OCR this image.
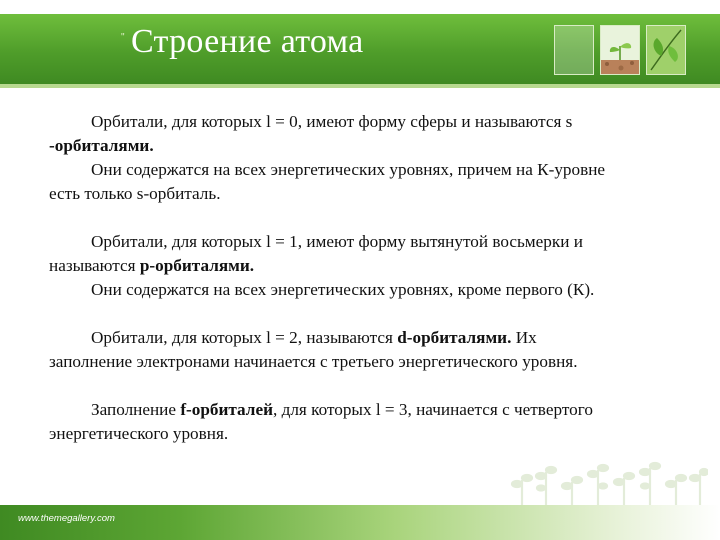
" Строение атома
Орбитали, для которых l = 0, имеют форму сферы и называются s
-орбиталями.
Они содержатся на всех энергетических уровнях, причем на К-уровне
есть только s-орбиталь.
Орбитали, для которых l = 1, имеют форму вытянутой восьмерки и
называются р-орбиталями.
Они содержатся на всех энергетических уровнях, кроме первого (К).
Орбитали, для которых l = 2, называются d-орбиталями. Их
заполнение электронами начинается с третьего энергетического уровня.
Заполнение f-орбиталей, для которых l = 3, начинается с четвертого
энергетического уровня.
www.themegallery.com
